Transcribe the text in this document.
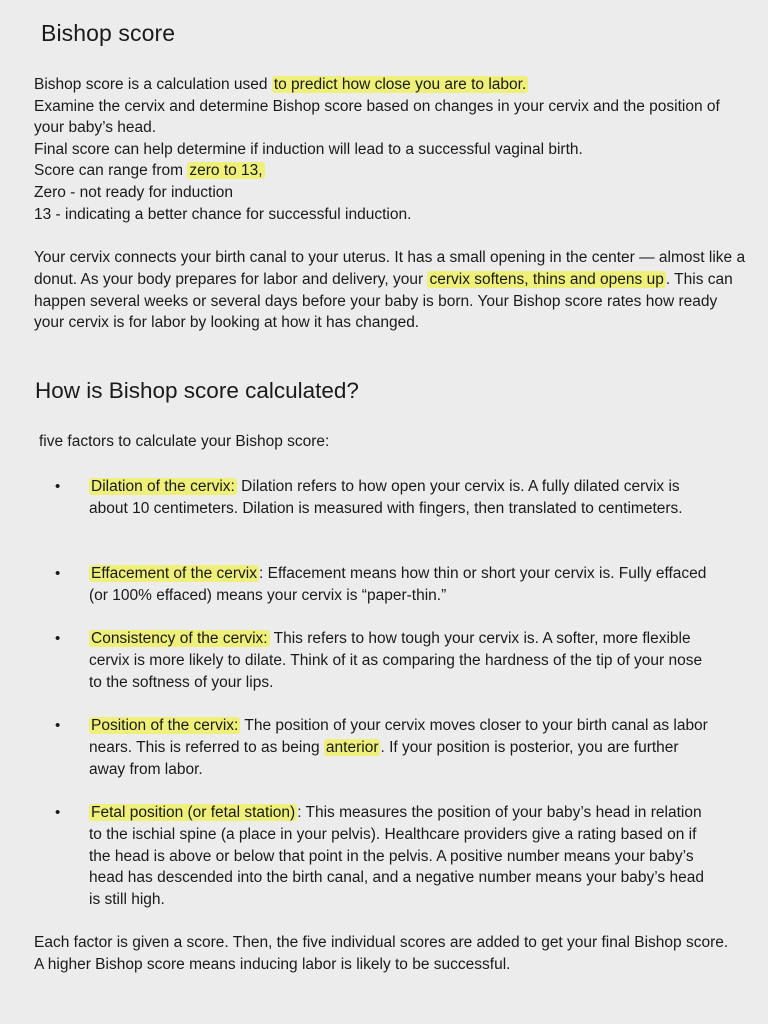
Bishop score

Bishop score is a calculation used to predict how close you are to labor.

Examine the cervix and determine Bishop score based on changes in your cervix and the position of your baby’s head.

Final score can help determine if induction will lead to a successful vaginal birth.

Score can range from zero to 13,

Zero - not ready for induction

13 - indicating a better chance for successful induction.

Your cervix connects your birth canal to your uterus. It has a small opening in the center — almost like a donut. As your body prepares for labor and delivery, your cervix softens, thins and opens up . This can happen several weeks or several days before your baby is born. Your Bishop score rates how ready your cervix is for labor by looking at how it has changed.

How is Bishop score calculated?

five factors to calculate your Bishop score:

• Dilation of the cervix: Dilation refers to how open your cervix is. A fully dilated cervix is about 10 centimeters. Dilation is measured with fingers, then translated to centimeters.
• Effacement of the cervix : Effacement means how thin or short your cervix is. Fully effaced (or 100% effaced) means your cervix is “paper-thin.”
• Consistency of the cervix: This refers to how tough your cervix is. A softer, more flexible cervix is more likely to dilate. Think of it as comparing the hardness of the tip of your nose to the softness of your lips.
• Position of the cervix: The position of your cervix moves closer to your birth canal as labor nears. This is referred to as being anterior . If your position is posterior, you are further away from labor.
• Fetal position (or fetal station) : This measures the position of your baby’s head in relation to the ischial spine (a place in your pelvis). Healthcare providers give a rating based on if the head is above or below that point in the pelvis. A positive number means your baby’s head has descended into the birth canal, and a negative number means your baby’s head is still high.

Each factor is given a score. Then, the five individual scores are added to get your final Bishop score. A higher Bishop score means inducing labor is likely to be successful.
